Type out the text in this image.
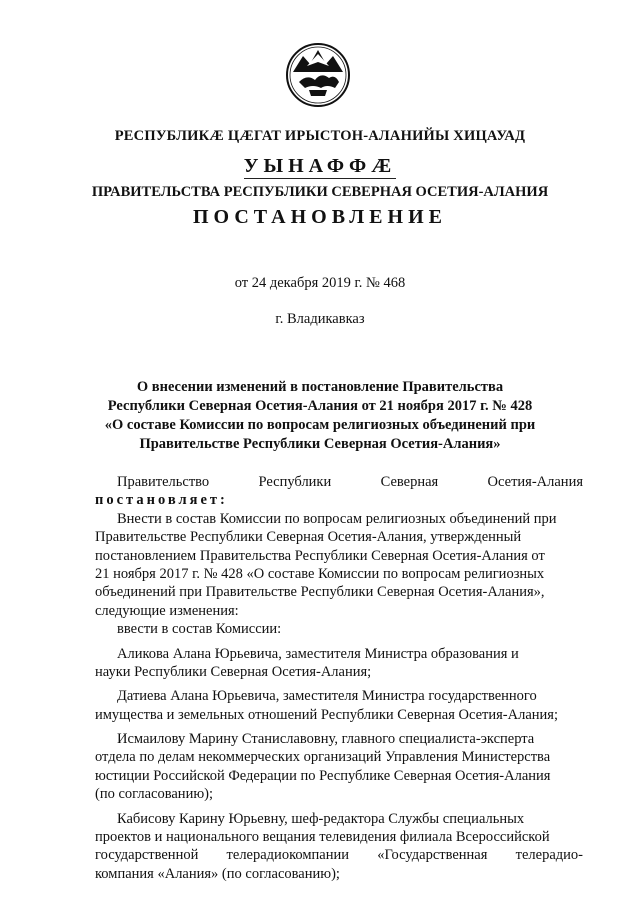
РЕСПУБЛИКӔ ЦӔГАТ ИРЫСТОН-АЛАНИЙЫ ХИЦАУАД
УЫНАФФӔ
ПРАВИТЕЛЬСТВА РЕСПУБЛИКИ СЕВЕРНАЯ ОСЕТИЯ-АЛАНИЯ
ПОСТАНОВЛЕНИЕ
от 24 декабря 2019 г. № 468
г. Владикавказ
О внесении изменений в постановление Правительства
Республики Северная Осетия-Алания от 21 ноября 2017 г. № 428
«О составе Комиссии по вопросам религиозных объединений при
Правительстве Республики Северная Осетия-Алания»
Правительство	Республики	Северная	Осетия-Алания
постановляет:
Внести в состав Комиссии по вопросам религиозных объединений при
Правительстве Республики Северная Осетия-Алания, утвержденный
постановлением Правительства Республики Северная Осетия-Алания от
21 ноября 2017 г. № 428 «О составе Комиссии по вопросам религиозных
объединений при Правительстве Республики Северная Осетия-Алания»,
следующие изменения:
ввести в состав Комиссии:
Аликова Алана Юрьевича, заместителя Министра образования и
науки Республики Северная Осетия-Алания;
Датиева Алана Юрьевича, заместителя Министра государственного
имущества и земельных отношений Республики Северная Осетия-Алания;
Исмаилову Марину Станиславовну, главного специалиста-эксперта
отдела по делам некоммерческих организаций Управления Министерства
юстиции Российской Федерации по Республике Северная Осетия-Алания
(по согласованию);
Кабисову Карину Юрьевну, шеф-редактора Службы специальных
проектов и национального вещания телевидения филиала Всероссийской
государственной телерадиокомпании «Государственная телерадио-
компания «Алания» (по согласованию);
